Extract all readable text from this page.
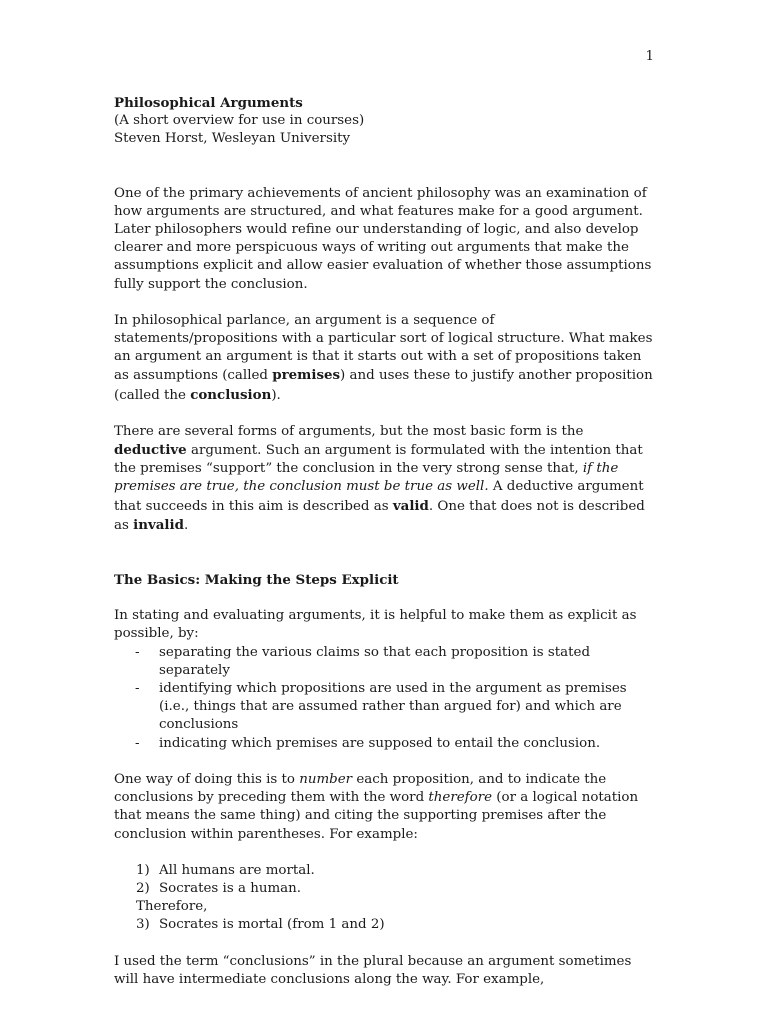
1
Philosophical Arguments
(A short overview for use in courses)
Steven Horst, Wesleyan University

One of the primary achievements of ancient philosophy was an examination of how arguments are structured, and what features make for a good argument. Later philosophers would refine our understanding of logic, and also develop clearer and more perspicuous ways of writing out arguments that make the assumptions explicit and allow easier evaluation of whether those assumptions fully support the conclusion.

In philosophical parlance, an argument is a sequence of statements/propositions with a particular sort of logical structure. What makes an argument an argument is that it starts out with a set of propositions taken as assumptions (called premises) and uses these to justify another proposition (called the conclusion).

There are several forms of arguments, but the most basic form is the deductive argument. Such an argument is formulated with the intention that the premises “support” the conclusion in the very strong sense that, if the premises are true, the conclusion must be true as well. A deductive argument that succeeds in this aim is described as valid. One that does not is described as invalid.

The Basics: Making the Steps Explicit

In stating and evaluating arguments, it is helpful to make them as explicit as possible, by:

- separating the various claims so that each proposition is stated separately
- identifying which propositions are used in the argument as premises (i.e., things that are assumed rather than argued for) and which are conclusions
- indicating which premises are supposed to entail the conclusion.

One way of doing this is to number each proposition, and to indicate the conclusions by preceding them with the word therefore (or a logical notation that means the same thing) and citing the supporting premises after the conclusion within parentheses. For example:

1) All humans are mortal.
2) Socrates is a human.
Therefore,
3) Socrates is mortal (from 1 and 2)

I used the term “conclusions” in the plural because an argument sometimes will have intermediate conclusions along the way. For example,
